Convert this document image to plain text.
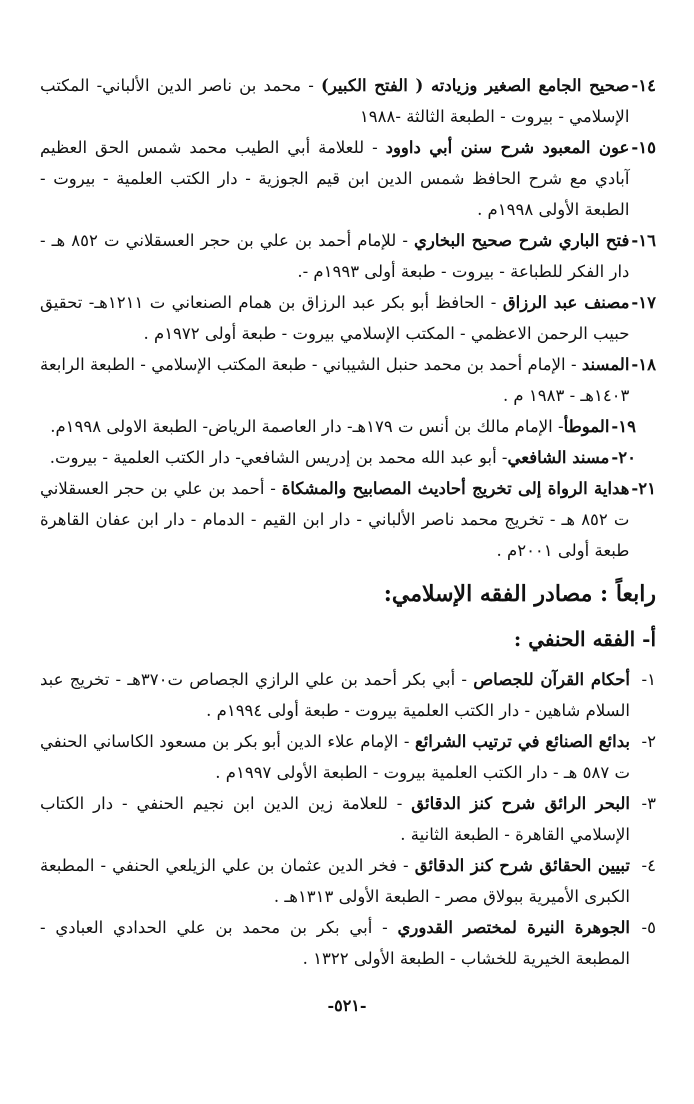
١٤-
صحيح الجامع الصغير وزيادته ( الفتح الكبير) - محمد بن ناصر الدين الألباني- المكتب الإسلامي - بيروت - الطبعة الثالثة -١٩٨٨
١٥-
عون المعبود شرح سنن أبي داوود - للعلامة أبي الطيب محمد شمس الحق العظيم آبادي مع شرح الحافظ شمس الدين ابن قيم الجوزية - دار الكتب العلمية - بيروت - الطبعة الأولى ١٩٩٨م .
١٦-
فتح الباري شرح صحيح البخاري - للإمام أحمد بن علي بن حجر العسقلاني ت ٨٥٢ هـ - دار الفكر للطباعة - بيروت - طبعة أولى ١٩٩٣م -.
١٧-
مصنف عبد الرزاق - الحافظ أبو بكر عبد الرزاق بن همام الصنعاني ت ١٢١١هـ- تحقيق حبيب الرحمن الاعظمي - المكتب الإسلامي بيروت - طبعة أولى ١٩٧٢م .
١٨-
المسند - الإمام أحمد بن محمد حنبل الشيباني - طبعة المكتب الإسلامي - الطبعة الرابعة ١٤٠٣هـ - ١٩٨٣ م .
١٩-
الموطأ- الإمام مالك بن أنس ت ١٧٩هـ- دار العاصمة الرياض- الطبعة الاولى ١٩٩٨م.
٢٠-
مسند الشافعي- أبو عبد الله محمد بن إدريس الشافعي- دار الكتب العلمية - بيروت.
٢١-
هداية الرواة إلى تخريج أحاديث المصابيح والمشكاة - أحمد بن علي بن حجر العسقلاني ت ٨٥٢ هـ - تخريج محمد ناصر الألباني - دار ابن القيم - الدمام - دار ابن عفان القاهرة طبعة أولى ٢٠٠١م .
رابعاً : مصادر الفقه الإسلامي:
أ- الفقه الحنفي :
١-
أحكام القرآن للجصاص - أبي بكر أحمد بن علي الرازي الجصاص ت٣٧٠هـ - تخريج عبد السلام شاهين - دار الكتب العلمية بيروت - طبعة أولى ١٩٩٤م .
٢-
بدائع الصنائع في ترتيب الشرائع - الإمام علاء الدين أبو بكر بن مسعود الكاساني الحنفي ت ٥٨٧ هـ - دار الكتب العلمية بيروت - الطبعة الأولى ١٩٩٧م .
٣-
البحر الرائق شرح كنز الدقائق - للعلامة زين الدين ابن نجيم الحنفي - دار الكتاب الإسلامي القاهرة - الطبعة الثانية .
٤-
تبيين الحقائق شرح كنز الدقائق - فخر الدين عثمان بن علي الزيلعي الحنفي - المطبعة الكبرى الأميرية ببولاق مصر - الطبعة الأولى ١٣١٣هـ .
٥-
الجوهرة النيرة لمختصر القدوري - أبي بكر بن محمد بن علي الحدادي العبادي - المطبعة الخيرية للخشاب - الطبعة الأولى ١٣٢٢ .
-٥٢١-
